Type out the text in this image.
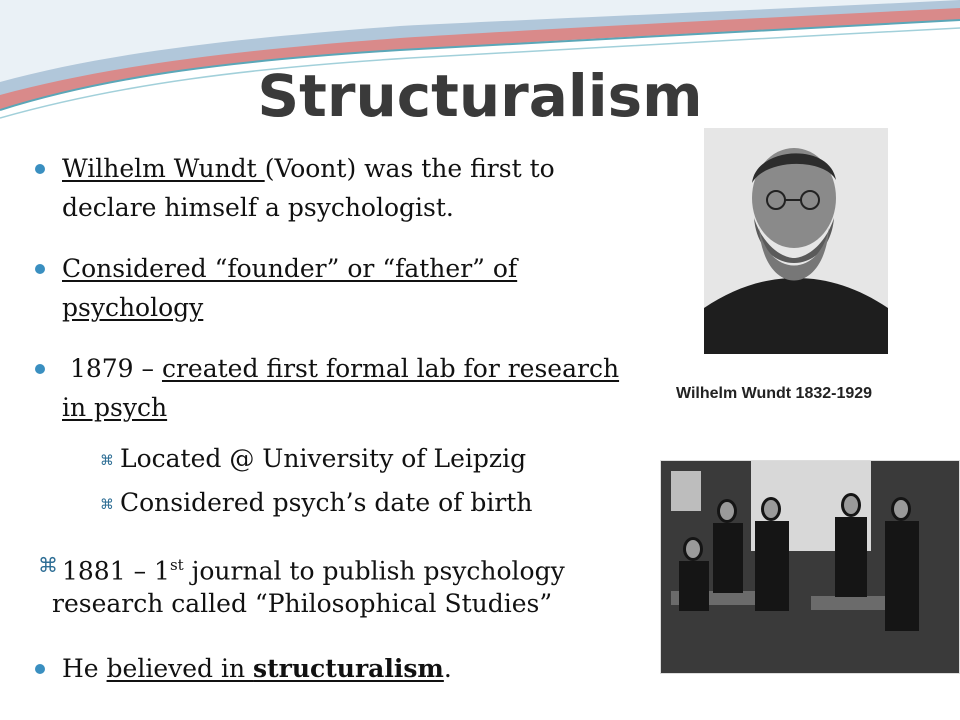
Structuralism
Wilhelm Wundt (Voont) was the first to
declare himself a psychologist.
Considered “founder” or “father” of
psychology
1879 – created first formal lab for research
in psych
⌘ Located @ University of Leipzig
⌘ Considered psych’s date of birth
⌘ 1881 – 1st journal to publish psychology
research called “Philosophical Studies”
He believed in structuralism.
Wilhelm Wundt 1832-1929
